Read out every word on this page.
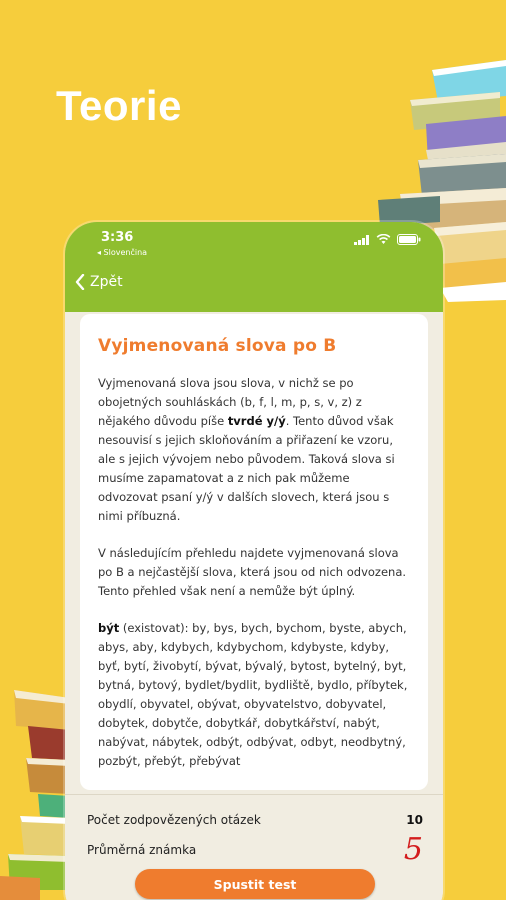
Teorie
3:36
◂ Slovenčina
Zpět
Vyjmenovaná slova po B

Vyjmenovaná slova jsou slova, v nichž se po obojetných souhláskách (b, f, l, m, p, s, v, z) z nějakého důvodu píše tvrdé y/ý. Tento důvod však nesouvisí s jejich skloňováním a přiřazení ke vzoru, ale s jejich vývojem nebo původem. Taková slova si musíme zapamatovat a z nich pak můžeme odvozovat psaní y/ý v dalších slovech, která jsou s nimi příbuzná.

V následujícím přehledu najdete vyjmenovaná slova po B a nejčastější slova, která jsou od nich odvozena. Tento přehled však není a nemůže být úplný.

být (existovat): by, bys, bych, bychom, byste, abych, abys, aby, kdybych, kdybychom, kdybyste, kdyby, byť, bytí, živobytí, bývat, bývalý, bytost, bytelný, byt, bytná, bytový, bydlet/bydlit, bydliště, bydlo, příbytek, obydlí, obyvatel, obývat, obyvatelstvo, dobyvatel, dobytek, dobytče, dobytkář, dobytkářství, nabýt, nabývat, nábytek, odbýt, odbývat, odbyt, neodbytný, pozbýt, přebýt, přebývat

Počet zodpovězených otázek	10
Průměrná známka	5
Spustit test
